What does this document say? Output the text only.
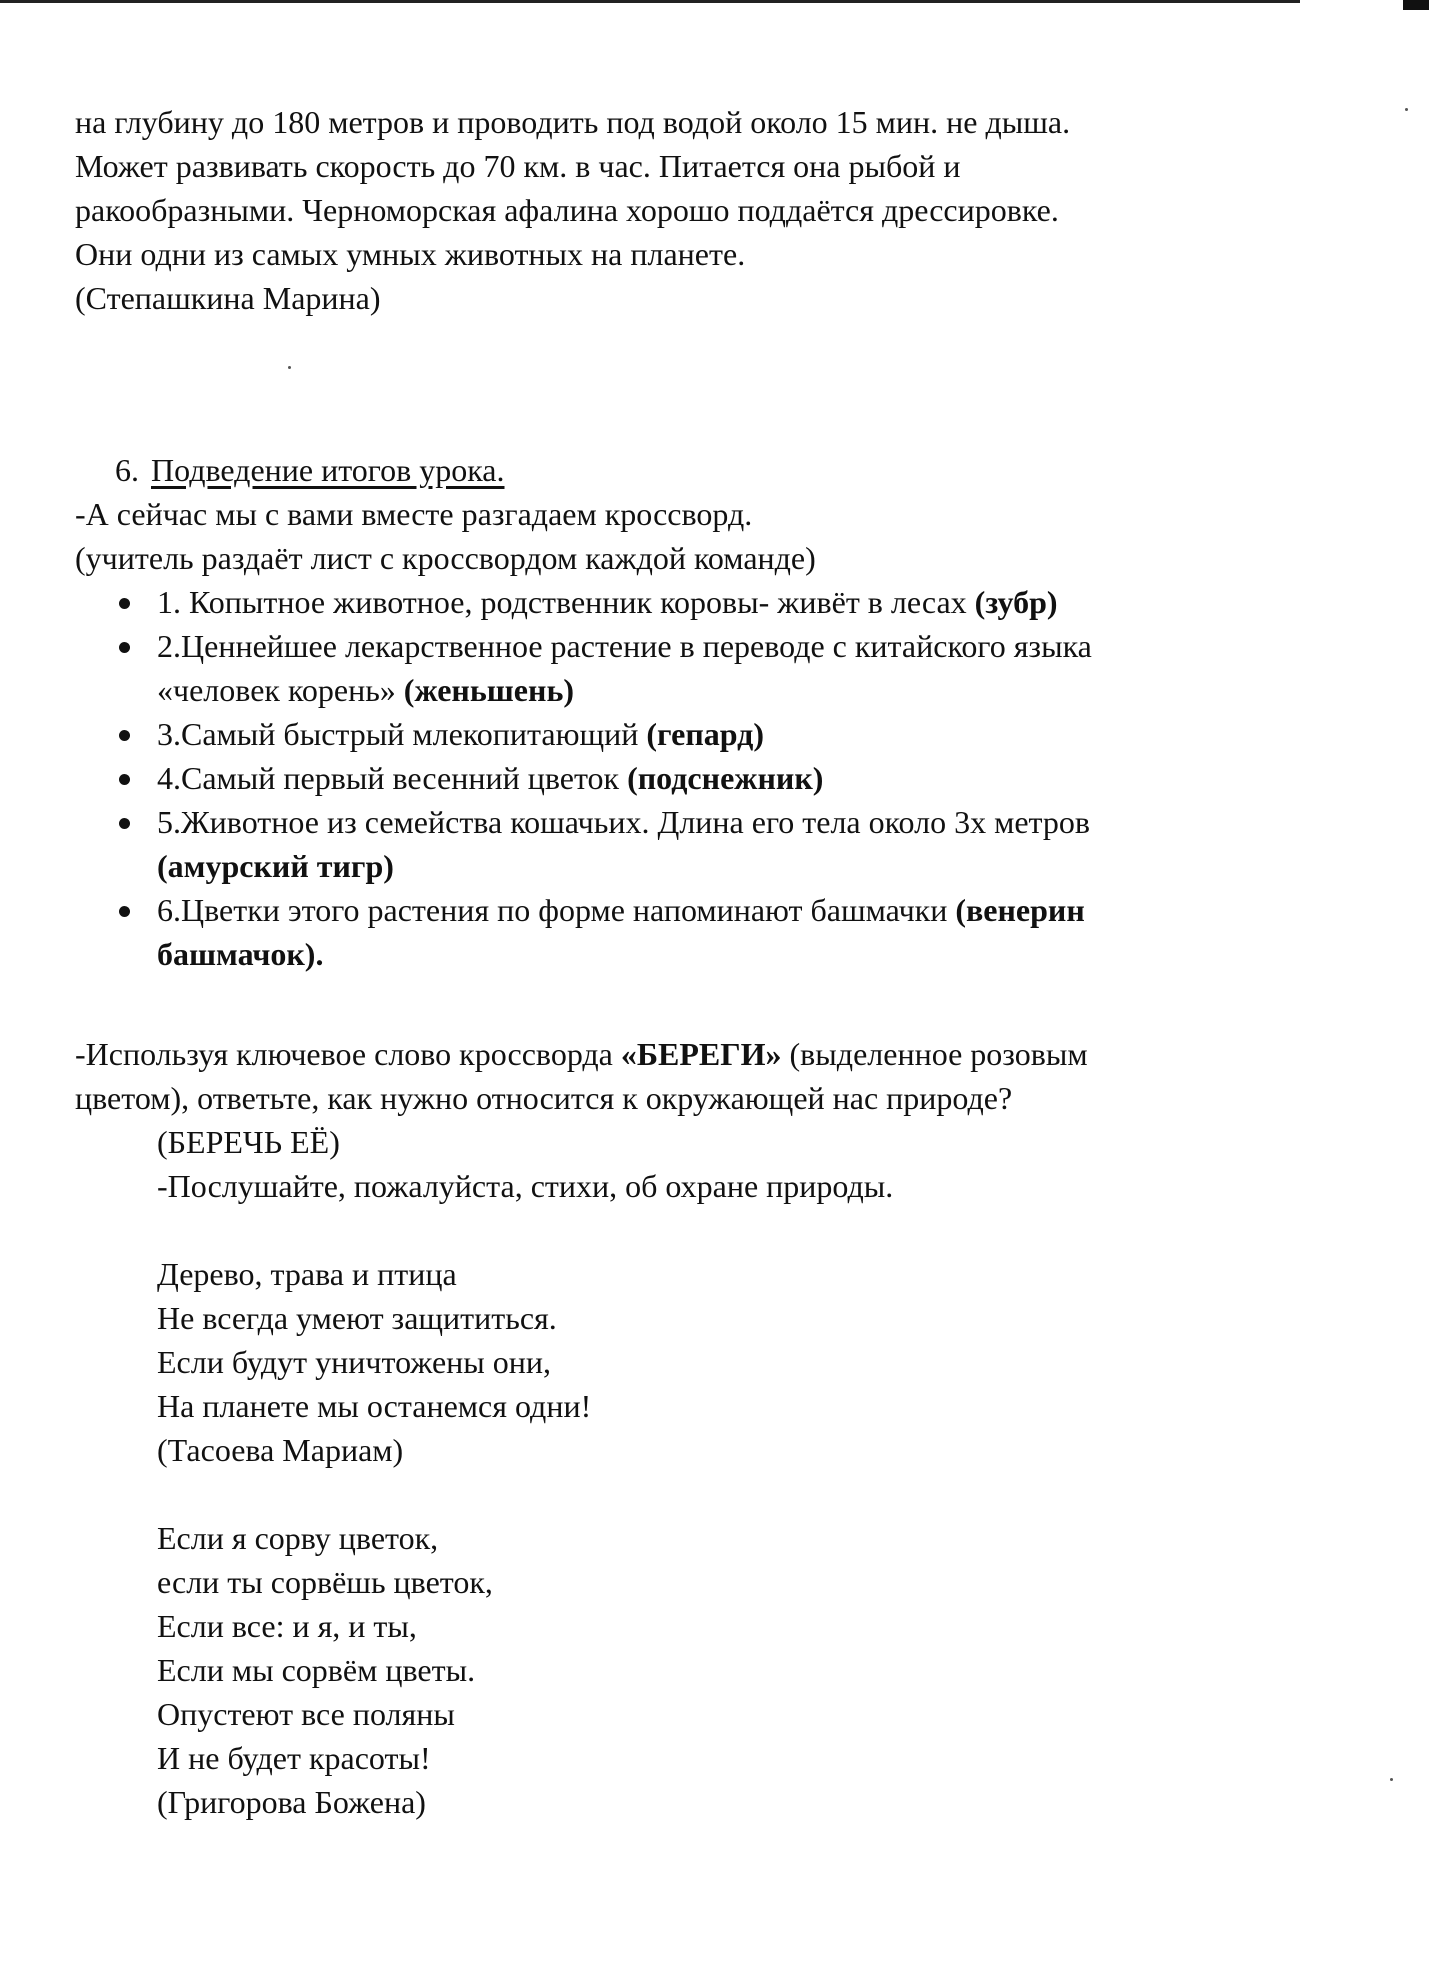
на глубину до 180 метров и проводить под водой около 15 мин. не дыша.
Может развивать скорость до 70 км. в час. Питается она рыбой и
ракообразными. Черноморская афалина хорошо поддаётся дрессировке.
Они одни из самых умных животных на планете.
(Степашкина Марина)
6. Подведение итогов урока.
-А сейчас мы с вами вместе разгадаем кроссворд.
(учитель раздаёт лист с кроссвордом каждой команде)
1. Копытное животное, родственник коровы- живёт в лесах (зубр)
2.Ценнейшее лекарственное растение в переводе с китайского языка
«человек корень» (женьшень)
3.Самый быстрый млекопитающий (гепард)
4.Самый первый весенний цветок (подснежник)
5.Животное из семейства кошачьих. Длина его тела около 3х метров
(амурский тигр)
6.Цветки этого растения по форме напоминают башмачки (венерин
башмачок).
-Используя ключевое слово кроссворда «БЕРЕГИ» (выделенное розовым
цветом), ответьте, как нужно относится к окружающей нас природе?
(БЕРЕЧЬ ЕЁ)
-Послушайте, пожалуйста, стихи, об охране природы.
Дерево, трава и птица
Не всегда умеют защититься.
Если будут уничтожены они,
На планете мы останемся одни!
(Тасоева Мариам)
Если я сорву цветок,
если ты сорвёшь цветок,
Если все: и я, и ты,
Если мы сорвём цветы.
Опустеют все поляны
И не будет красоты!
(Григорова Божена)
